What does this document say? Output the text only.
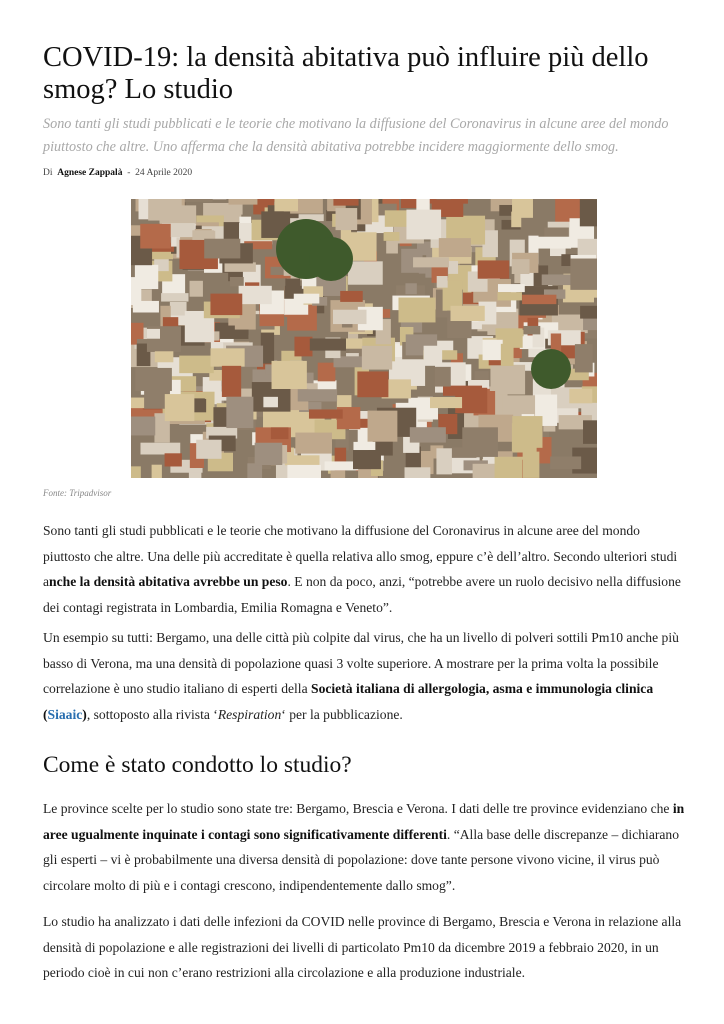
COVID-19: la densità abitativa può influire più dello smog? Lo studio

Sono tanti gli studi pubblicati e le teorie che motivano la diffusione del Coronavirus in alcune aree del mondo piuttosto che altre. Uno afferma che la densità abitativa potrebbe incidere maggiormente dello smog.

Di Agnese Zappalà - 24 Aprile 2020

Sono tanti gli studi pubblicati e le teorie che motivano la diffusione del Coronavirus in alcune aree del mondo piuttosto che altre. Una delle più accreditate è quella relativa allo smog, eppure c’è dell’altro. Secondo ulteriori studi anche la densità abitativa avrebbe un peso. E non da poco, anzi, “potrebbe avere un ruolo decisivo nella diffusione dei contagi registrata in Lombardia, Emilia Romagna e Veneto”.

Un esempio su tutti: Bergamo, una delle città più colpite dal virus, che ha un livello di polveri sottili Pm10 anche più basso di Verona, ma una densità di popolazione quasi 3 volte superiore. A mostrare per la prima volta la possibile correlazione è uno studio italiano di esperti della Società italiana di allergologia, asma e immunologia clinica (Siaaic), sottoposto alla rivista ‘Respiration‘ per la pubblicazione.

Come è stato condotto lo studio?

Le province scelte per lo studio sono state tre: Bergamo, Brescia e Verona. I dati delle tre province evidenziano che in aree ugualmente inquinate i contagi sono significativamente differenti. “Alla base delle discrepanze – dichiarano gli esperti – vi è probabilmente una diversa densità di popolazione: dove tante persone vivono vicine, il virus può circolare molto di più e i contagi crescono, indipendentemente dallo smog”.

Lo studio ha analizzato i dati delle infezioni da COVID nelle province di Bergamo, Brescia e Verona in relazione alla densità di popolazione e alle registrazioni dei livelli di particolato Pm10 da dicembre 2019 a febbraio 2020, in un periodo cioè in cui non c’erano restrizioni alla circolazione e alla produzione industriale.

Fonte: Tripadvisor
